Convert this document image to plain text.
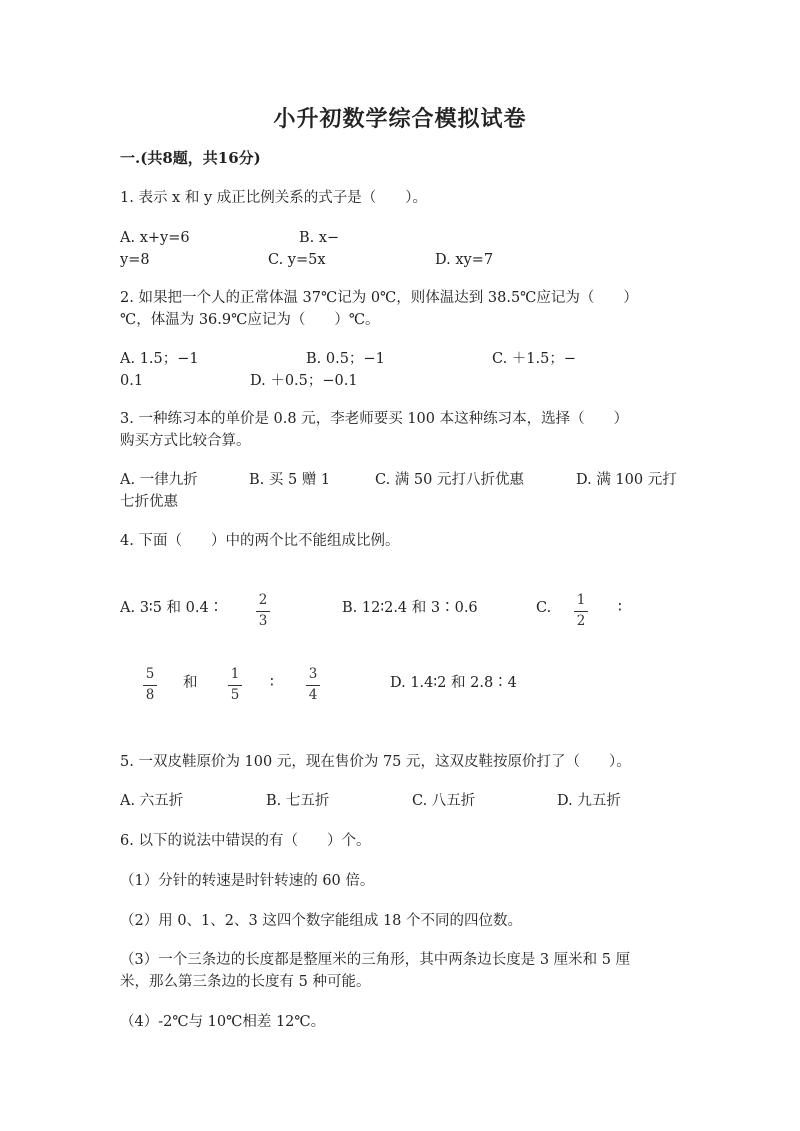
小升初数学综合模拟试卷
一.(共8题，共16分)
1. 表示 x 和 y 成正比例关系的式子是（　　）。
A. x+y=6	B. x−
y=8	C. y=5x	D. xy=7
2. 如果把一个人的正常体温 37℃记为 0℃，则体温达到 38.5℃应记为（　　）
℃，体温为 36.9℃应记为（　　）℃。
A. 1.5；−1	B. 0.5；−1	C. ＋1.5；−
0.1	D. ＋0.5；−0.1
3. 一种练习本的单价是 0.8 元，李老师要买 100 本这种练习本，选择（　　）
购买方式比较合算。
A. 一律九折	B. 买 5 赠 1	C. 满 50 元打八折优惠	D. 满 100 元打
七折优惠
4. 下面（　　）中的两个比不能组成比例。
A. 3∶5 和 0.4∶	2
3
B. 12∶2.4 和 3∶0.6	C. 1
2
∶
5
8
和
1
5
∶
3
4
D. 1.4∶2 和 2.8∶4
5. 一双皮鞋原价为 100 元，现在售价为 75 元，这双皮鞋按原价打了（　　）。
A. 六五折	B. 七五折	C. 八五折	D. 九五折
6. 以下的说法中错误的有（　　）个。
（1）分针的转速是时针转速的 60 倍。
（2）用 0、1、2、3 这四个数字能组成 18 个不同的四位数。
（3）一个三条边的长度都是整厘米的三角形，其中两条边长度是 3 厘米和 5 厘
米，那么第三条边的长度有 5 种可能。
（4）-2℃与 10℃相差 12℃。
